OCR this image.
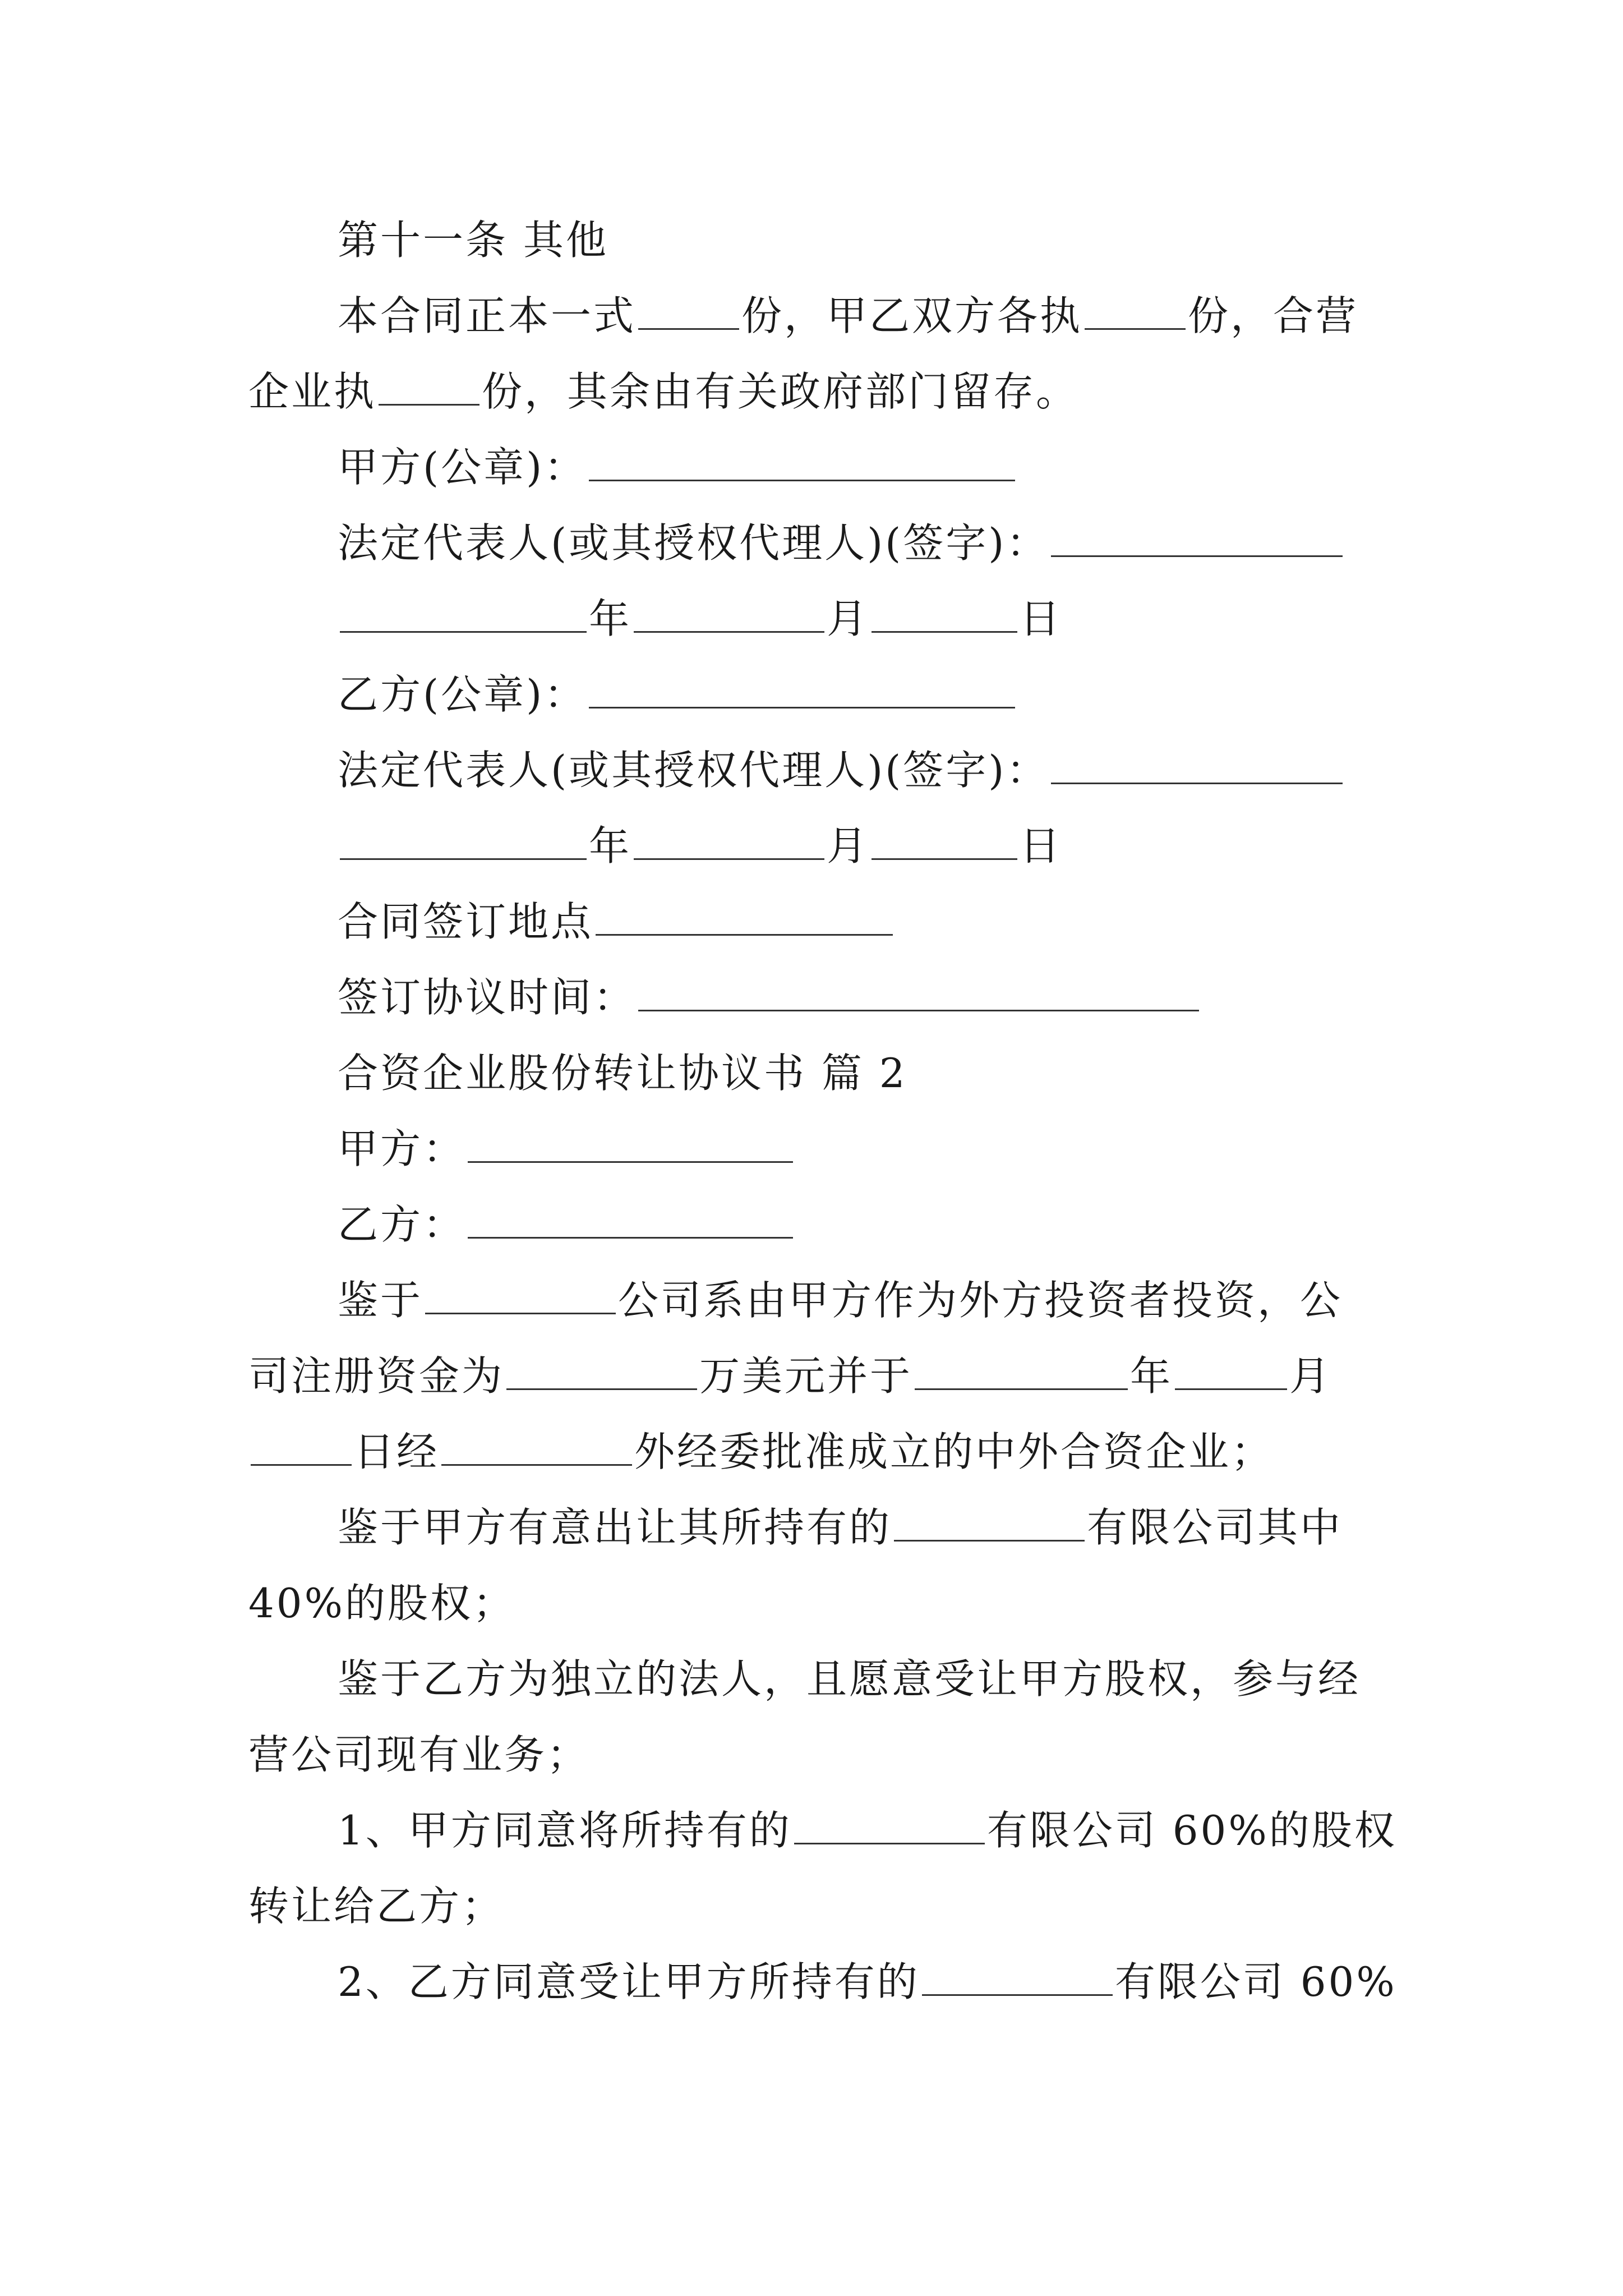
第十一条 其他
本合同正本一式	份，甲乙双方各执	份，合营
企业执	份，其余由有关政府部门留存。
甲方(公章)：
法定代表人(或其授权代理人)(签字)：
年	月	日
乙方(公章)：
法定代表人(或其授权代理人)(签字)：
年	月	日
合同签订地点
签订协议时间：
合资企业股份转让协议书 篇 2
甲方：
乙方：
鉴于	公司系由甲方作为外方投资者投资，公
司注册资金为	万美元并于	年	月
日经	外经委批准成立的中外合资企业；
鉴于甲方有意出让其所持有的	有限公司其中
40%的股权；
鉴于乙方为独立的法人，且愿意受让甲方股权，参与经
营公司现有业务；
1、甲方同意将所持有的	有限公司 60%的股权
转让给乙方；
2、乙方同意受让甲方所持有的	有限公司 60%
